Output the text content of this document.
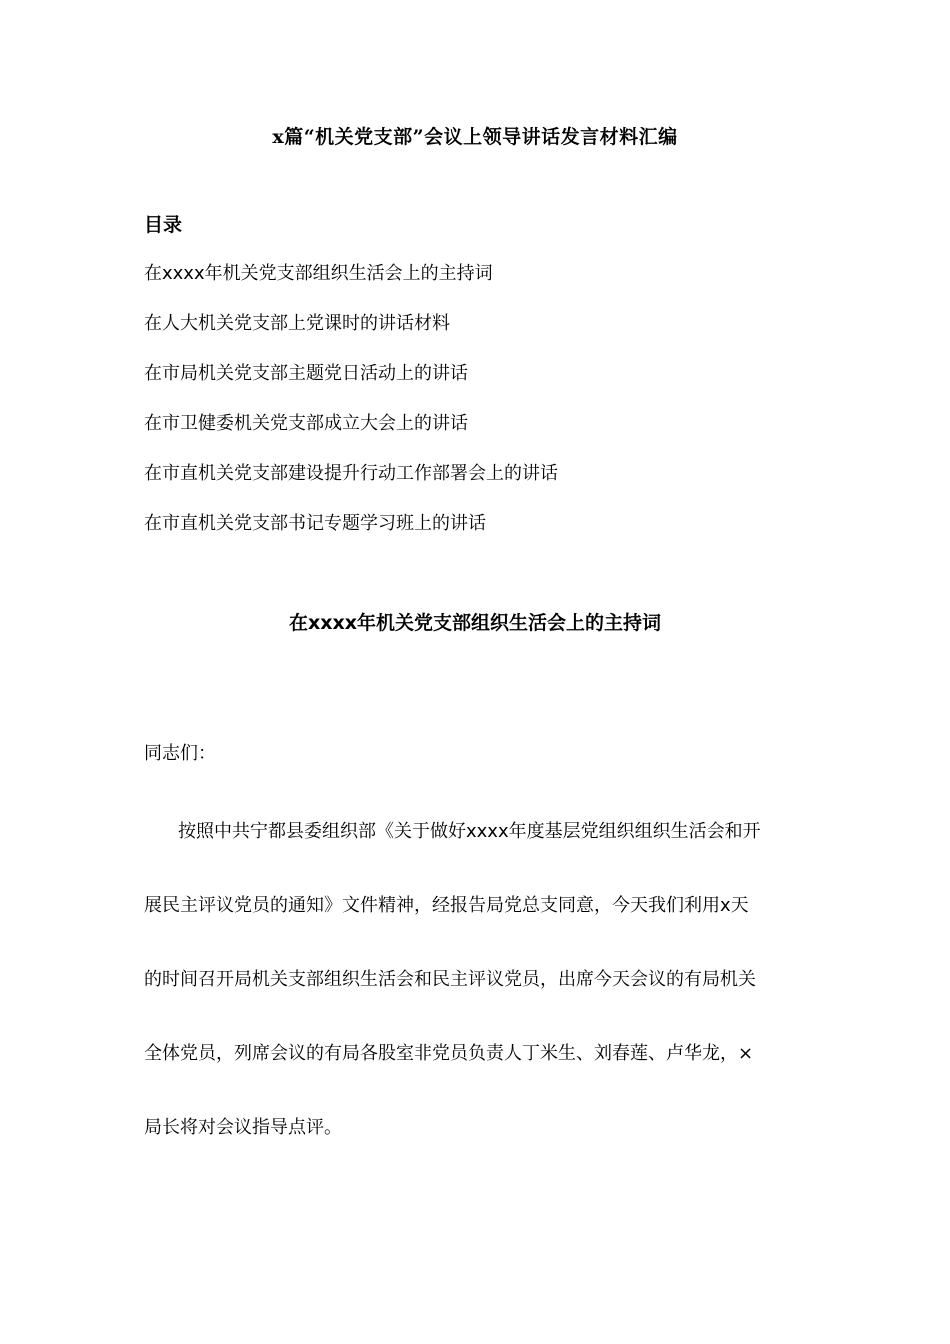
x篇“机关党支部”会议上领导讲话发言材料汇编
目录
在xxxx年机关党支部组织生活会上的主持词
在人大机关党支部上党课时的讲话材料
在市局机关党支部主题党日活动上的讲话
在市卫健委机关党支部成立大会上的讲话
在市直机关党支部建设提升行动工作部署会上的讲话
在市直机关党支部书记专题学习班上的讲话
在xxxx年机关党支部组织生活会上的主持词
同志们：
按照中共宁都县委组织部《关于做好xxxx年度基层党组织组织生活会和开
展民主评议党员的通知》文件精神，经报告局党总支同意，今天我们利用x天
的时间召开局机关支部组织生活会和民主评议党员，出席今天会议的有局机关
全体党员，列席会议的有局各股室非党员负责人丁米生、刘春莲、卢华龙，×
局长将对会议指导点评。
